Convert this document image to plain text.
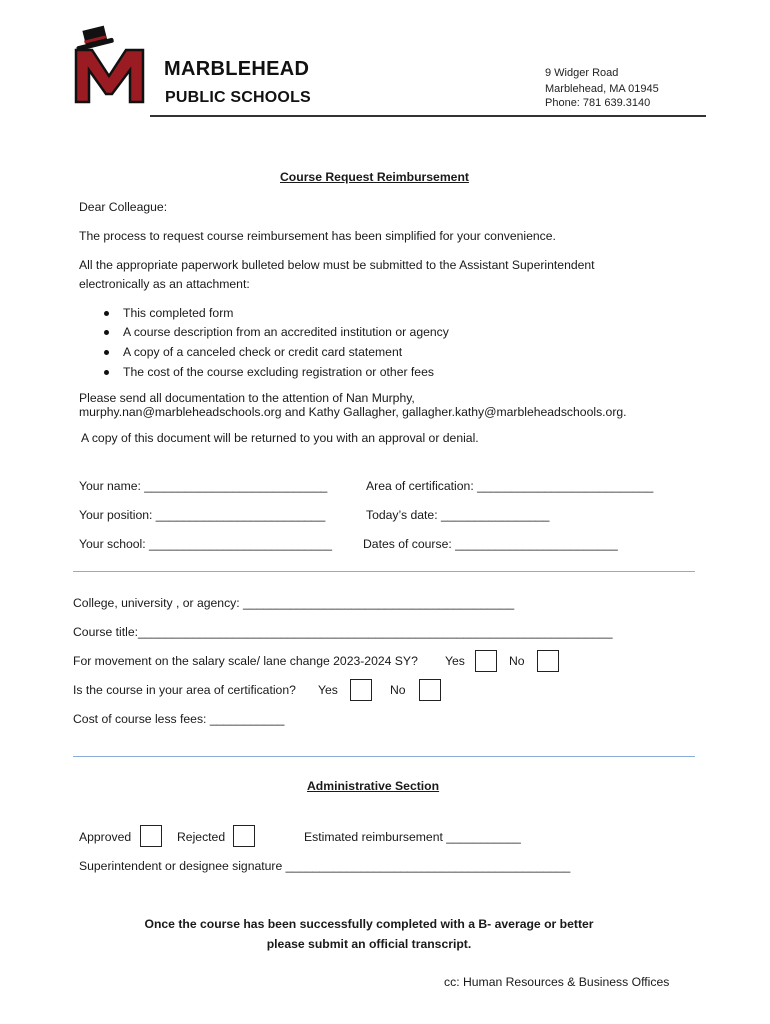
MARBLEHEAD
PUBLIC SCHOOLS
9 Widger Road
Marblehead, MA 01945
Phone: 781 639.3140
Course Request Reimbursement
Dear Colleague:
The process to request course reimbursement has been simplified for your convenience.
All the appropriate paperwork bulleted below must be submitted to the Assistant Superintendent
electronically as an attachment:
This completed form
A course description from an accredited institution or agency
A copy of a canceled check or credit card statement
The cost of the course excluding registration or other fees
Please send all documentation to the attention of Nan Murphy,
murphy.nan@marbleheadschools.org and Kathy Gallagher, gallagher.kathy@marbleheadschools.org.
A copy of this document will be returned to you with an approval or denial.
Your name: ___________________________	Area of certification: __________________________
Your position: _________________________	Today’s date: ________________
Your school: ___________________________	Dates of course: ________________________
College, university , or agency: ________________________________________
Course title:______________________________________________________________________
For movement on the salary scale/ lane change 2023-2024 SY? Yes	No
Is the course in your area of certification? Yes	No
Cost of course less fees: ___________
Administrative Section
Approved	Rejected	Estimated reimbursement ___________
Superintendent or designee signature __________________________________________
Once the course has been successfully completed with a B- average or better
please submit an official transcript.
cc: Human Resources & Business Offices
